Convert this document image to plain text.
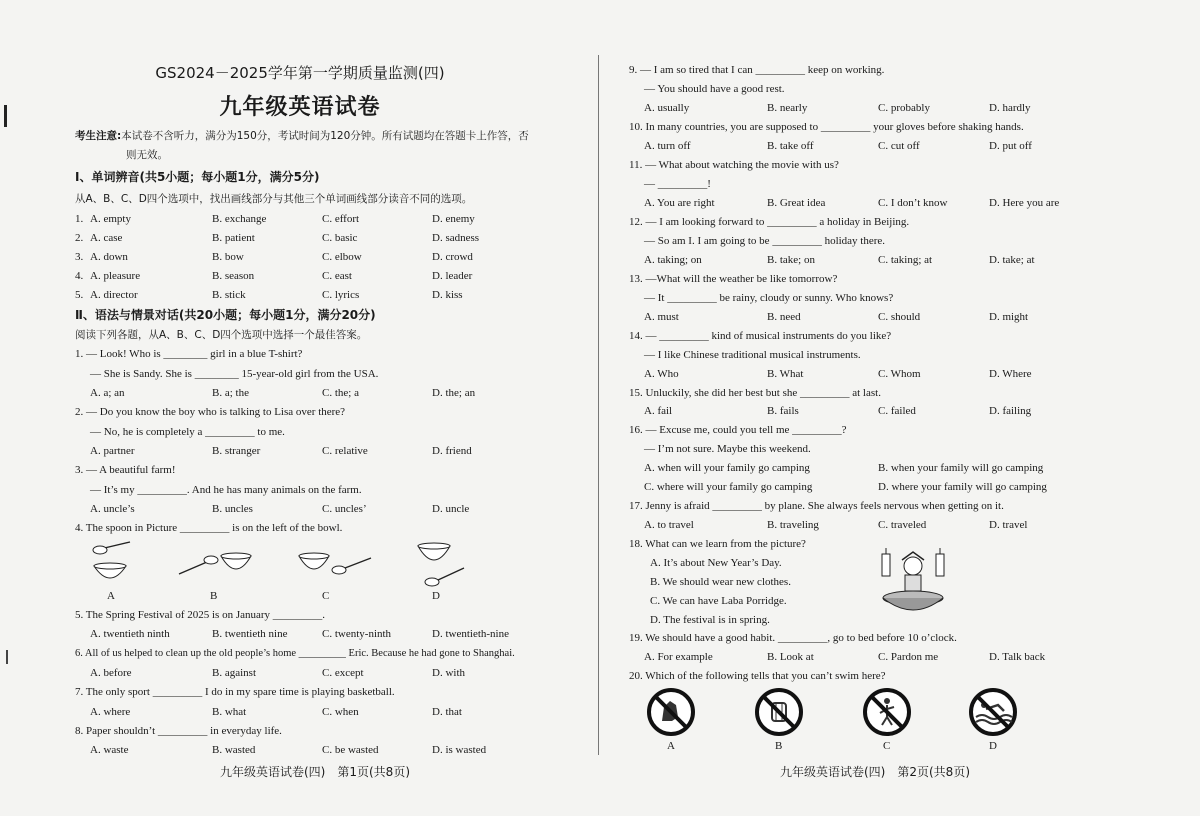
GS2024－2025学年第一学期质量监测(四)
九年级英语试卷
考生注意:本试卷不含听力，满分为150分，考试时间为120分钟。所有试题均在答题卡上作答，否
则无效。
Ⅰ、单词辨音(共5小题；每小题1分，满分5分)
从A、B、C、D四个选项中，找出画线部分与其他三个单词画线部分读音不同的选项。
1. A. empty	B. exchange	C. effort	D. enemy
2. A. case	B. patient	C. basic	D. sadness
3. A. down	B. bow	C. elbow	D. crowd
4. A. pleasure	B. season	C. east	D. leader
5. A. director	B. stick	C. lyrics	D. kiss
Ⅱ、语法与情景对话(共20小题；每小题1分，满分20分)
阅读下列各题，从A、B、C、D四个选项中选择一个最佳答案。
1. — Look! Who is ________ girl in a blue T-shirt?
— She is Sandy. She is ________ 15-year-old girl from the USA.
A. a; an	B. a; the	C. the; a	D. the; an
2. — Do you know the boy who is talking to Lisa over there?
— No, he is completely a _________ to me.
A. partner	B. stranger	C. relative	D. friend
3. — A beautiful farm!
— It’s my _________. And he has many animals on the farm.
A. uncle’s	B. uncles	C. uncles’	D. uncle
4. The spoon in Picture _________ is on the left of the bowl.
A	B	C	D
5. The Spring Festival of 2025 is on January _________.
A. twentieth ninth	B. twentieth nine	C. twenty-ninth	D. twentieth-nine
6. All of us helped to clean up the old people’s home _________ Eric. Because he had gone to Shanghai.
A. before	B. against	C. except	D. with
7. The only sport _________ I do in my spare time is playing basketball.
A. where	B. what	C. when	D. that
8. Paper shouldn’t _________ in everyday life.
A. waste	B. wasted	C. be wasted	D. is wasted
九年级英语试卷(四)　第1页(共8页)
9. — I am so tired that I can _________ keep on working.
— You should have a good rest.
A. usually	B. nearly	C. probably	D. hardly
10. In many countries, you are supposed to _________ your gloves before shaking hands.
A. turn off	B. take off	C. cut off	D. put off
11. — What about watching the movie with us?
— _________!
A. You are right	B. Great idea	C. I don’t know	D. Here you are
12. — I am looking forward to _________ a holiday in Beijing.
— So am I. I am going to be _________ holiday there.
A. taking; on	B. take; on	C. taking; at	D. take; at
13. —What will the weather be like tomorrow?
— It _________ be rainy, cloudy or sunny. Who knows?
A. must	B. need	C. should	D. might
14. — _________ kind of musical instruments do you like?
— I like Chinese traditional musical instruments.
A. Who	B. What	C. Whom	D. Where
15. Unluckily, she did her best but she _________ at last.
A. fail	B. fails	C. failed	D. failing
16. — Excuse me, could you tell me _________?
— I’m not sure. Maybe this weekend.
A. when will your family go camping	B. when your family will go camping
C. where will your family go camping	D. where your family will go camping
17. Jenny is afraid _________ by plane. She always feels nervous when getting on it.
A. to travel	B. traveling	C. traveled	D. travel
18. What can we learn from the picture?
A. It’s about New Year’s Day.
B. We should wear new clothes.
C. We can have Laba Porridge.
D. The festival is in spring.
19. We should have a good habit. _________, go to bed before 10 o’clock.
A. For example	B. Look at	C. Pardon me	D. Talk back
20. Which of the following tells that you can’t swim here?
A	B	C	D
九年级英语试卷(四)　第2页(共8页)
